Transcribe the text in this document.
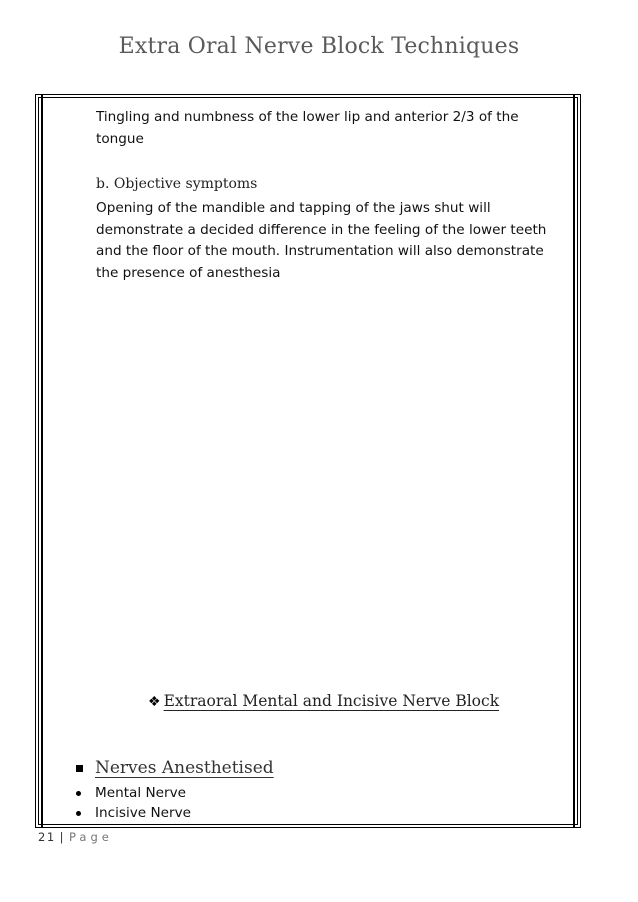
Extra Oral Nerve Block Techniques
Tingling and numbness of the lower lip and anterior 2/3 of the
tongue
b. Objective symptoms
Opening of the mandible and tapping of the jaws shut will
demonstrate a decided difference in the feeling of the lower teeth
and the floor of the mouth. Instrumentation will also demonstrate
the presence of anesthesia
❖ Extraoral Mental and Incisive Nerve Block
Nerves Anesthetised
Mental Nerve
Incisive Nerve
21 | Page
